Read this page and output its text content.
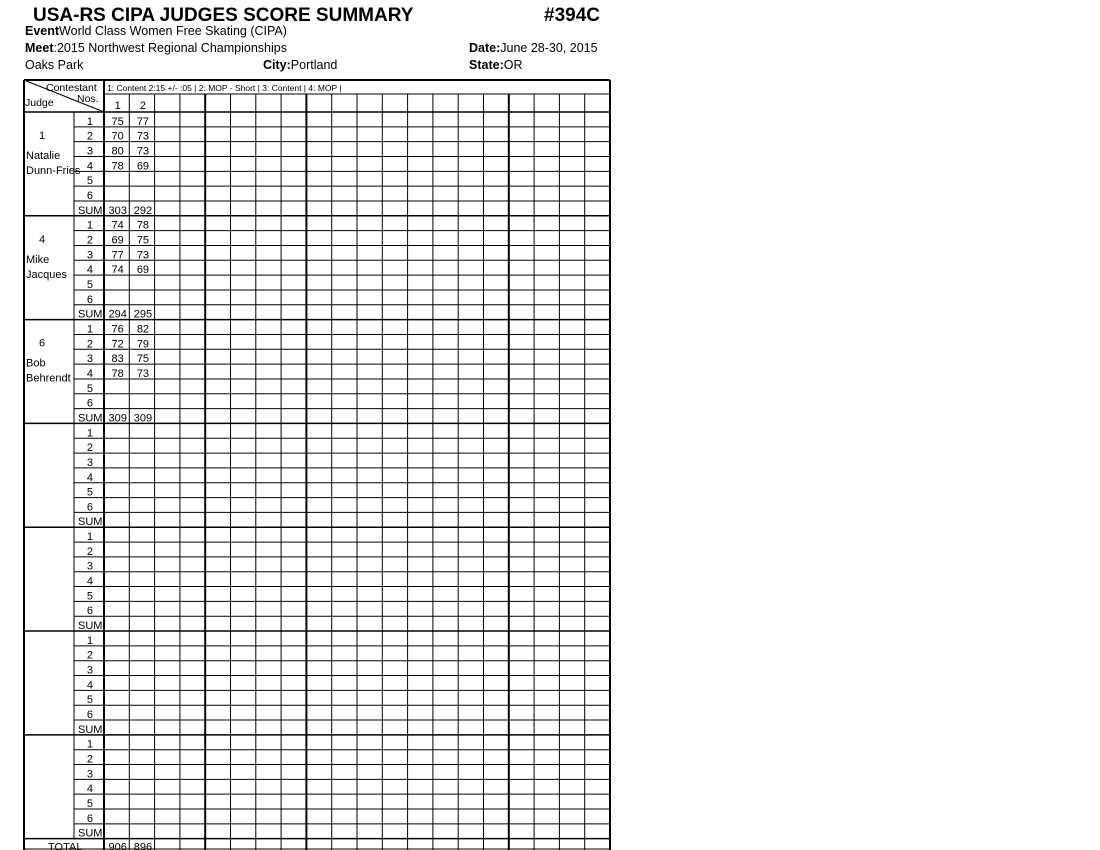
USA-RS CIPA JUDGES SCORE SUMMARY	#394C
EventWorld Class Women Free Skating (CIPA)
Meet:2015 Northwest Regional Championships	Date:June 28-30, 2015
Oaks Park	City:Portland	State:OR
Contestant
Nos.
Judge
1: Content 2:15 +/- :05 | 2: MOP - Short | 3: Content | 4: MOP |
1 2
1
Natalie
Dunn-Fries
1 75 77
2 70 73
3 80 73
4 78 69
5
6
SUM 303 292
4
Mike
Jacques
1 74 78
2 69 75
3 77 73
4 74 69
5
6
SUM 294 295
6
Bob
Behrendt
1 76 82
2 72 79
3 83 75
4 78 73
5
6
SUM 309 309
1
2
3
4
5
6
SUM
1
2
3
4
5
6
SUM
1
2
3
4
5
6
SUM
1
2
3
4
5
6
SUM
TOTAL 906 896
